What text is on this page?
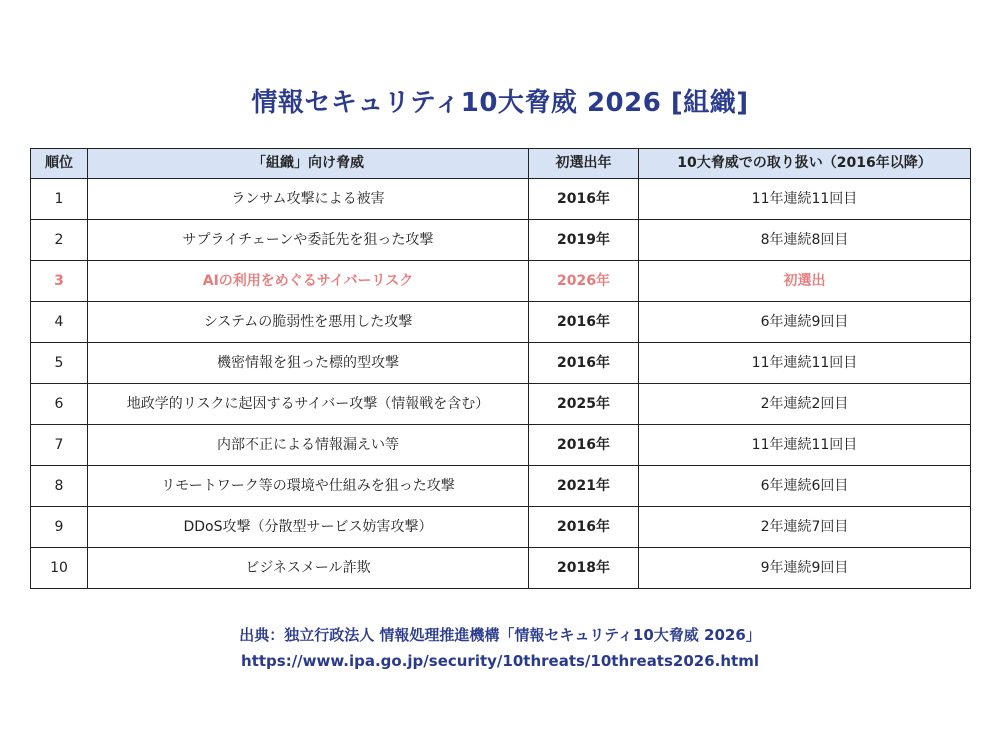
情報セキュリティ10大脅威 2026 [組織]
順位	「組織」向け脅威	初選出年	10大脅威での取り扱い（2016年以降）
1	ランサム攻撃による被害	2016年	11年連続11回目
2	サプライチェーンや委託先を狙った攻撃	2019年	8年連続8回目
3	AIの利用をめぐるサイバーリスク	2026年	初選出
4	システムの脆弱性を悪用した攻撃	2016年	6年連続9回目
5	機密情報を狙った標的型攻撃	2016年	11年連続11回目
6	地政学的リスクに起因するサイバー攻撃（情報戦を含む）	2025年	2年連続2回目
7	内部不正による情報漏えい等	2016年	11年連続11回目
8	リモートワーク等の環境や仕組みを狙った攻撃	2021年	6年連続6回目
9	DDoS攻撃（分散型サービス妨害攻撃）	2016年	2年連続7回目
10	ビジネスメール詐欺	2018年	9年連続9回目
出典：独立行政法人 情報処理推進機構「情報セキュリティ10大脅威 2026」
https://www.ipa.go.jp/security/10threats/10threats2026.html
